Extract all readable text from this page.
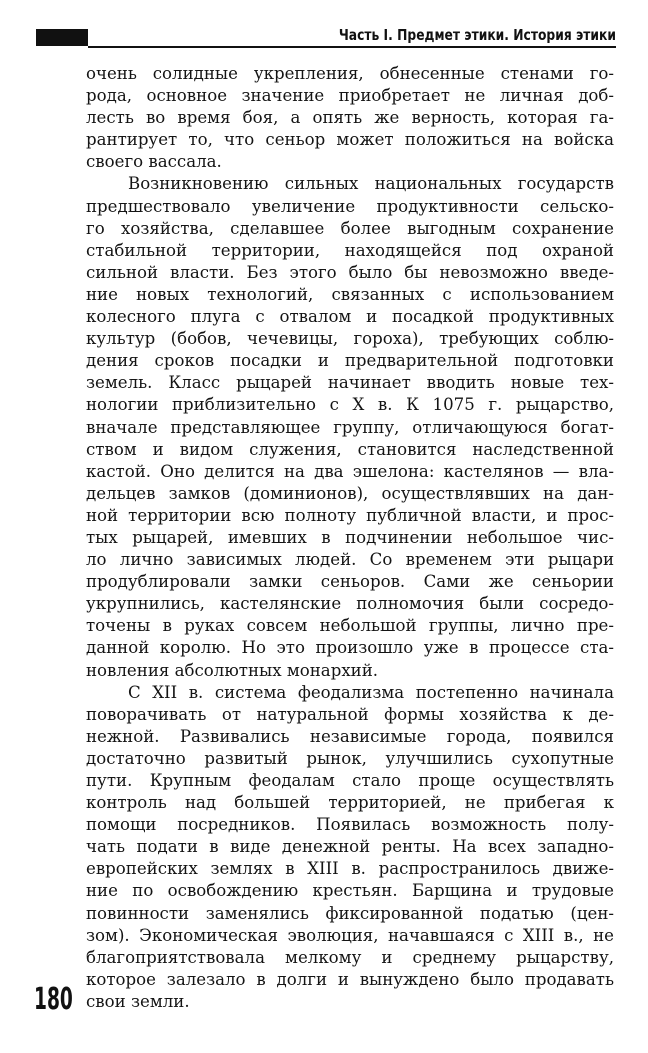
Часть I. Предмет этики. История этики
очень солидные укрепления, обнесенные стенами го-
рода, основное значение приобретает не личная доб-
лесть во время боя, а опять же верность, которая га-
рантирует то, что сеньор может положиться на войска
своего вассала.
Возникновению сильных национальных государств
предшествовало увеличение продуктивности сельско-
го хозяйства, сделавшее более выгодным сохранение
стабильной территории, находящейся под охраной
сильной власти. Без этого было бы невозможно введе-
ние новых технологий, связанных с использованием
колесного плуга с отвалом и посадкой продуктивных
культур (бобов, чечевицы, гороха), требующих соблю-
дения сроков посадки и предварительной подготовки
земель. Класс рыцарей начинает вводить новые тех-
нологии приблизительно с X в. К 1075 г. рыцарство,
вначале представляющее группу, отличающуюся богат-
ством и видом служения, становится наследственной
кастой. Оно делится на два эшелона: кастелянов — вла-
дельцев замков (доминионов), осуществлявших на дан-
ной территории всю полноту публичной власти, и прос-
тых рыцарей, имевших в подчинении небольшое чис-
ло лично зависимых людей. Со временем эти рыцари
продублировали замки сеньоров. Сами же сеньории
укрупнились, кастелянские полномочия были сосредо-
точены в руках совсем небольшой группы, лично пре-
данной королю. Но это произошло уже в процессе ста-
новления абсолютных монархий.
С XII в. система феодализма постепенно начинала
поворачивать от натуральной формы хозяйства к де-
нежной. Развивались независимые города, появился
достаточно развитый рынок, улучшились сухопутные
пути. Крупным феодалам стало проще осуществлять
контроль над большей территорией, не прибегая к
помощи посредников. Появилась возможность полу-
чать подати в виде денежной ренты. На всех западно-
европейских землях в XIII в. распространилось движе-
ние по освобождению крестьян. Барщина и трудовые
повинности заменялись фиксированной податью (цен-
зом). Экономическая эволюция, начавшаяся с XIII в., не
благоприятствовала мелкому и среднему рыцарству,
которое залезало в долги и вынуждено было продавать
свои земли.
180
